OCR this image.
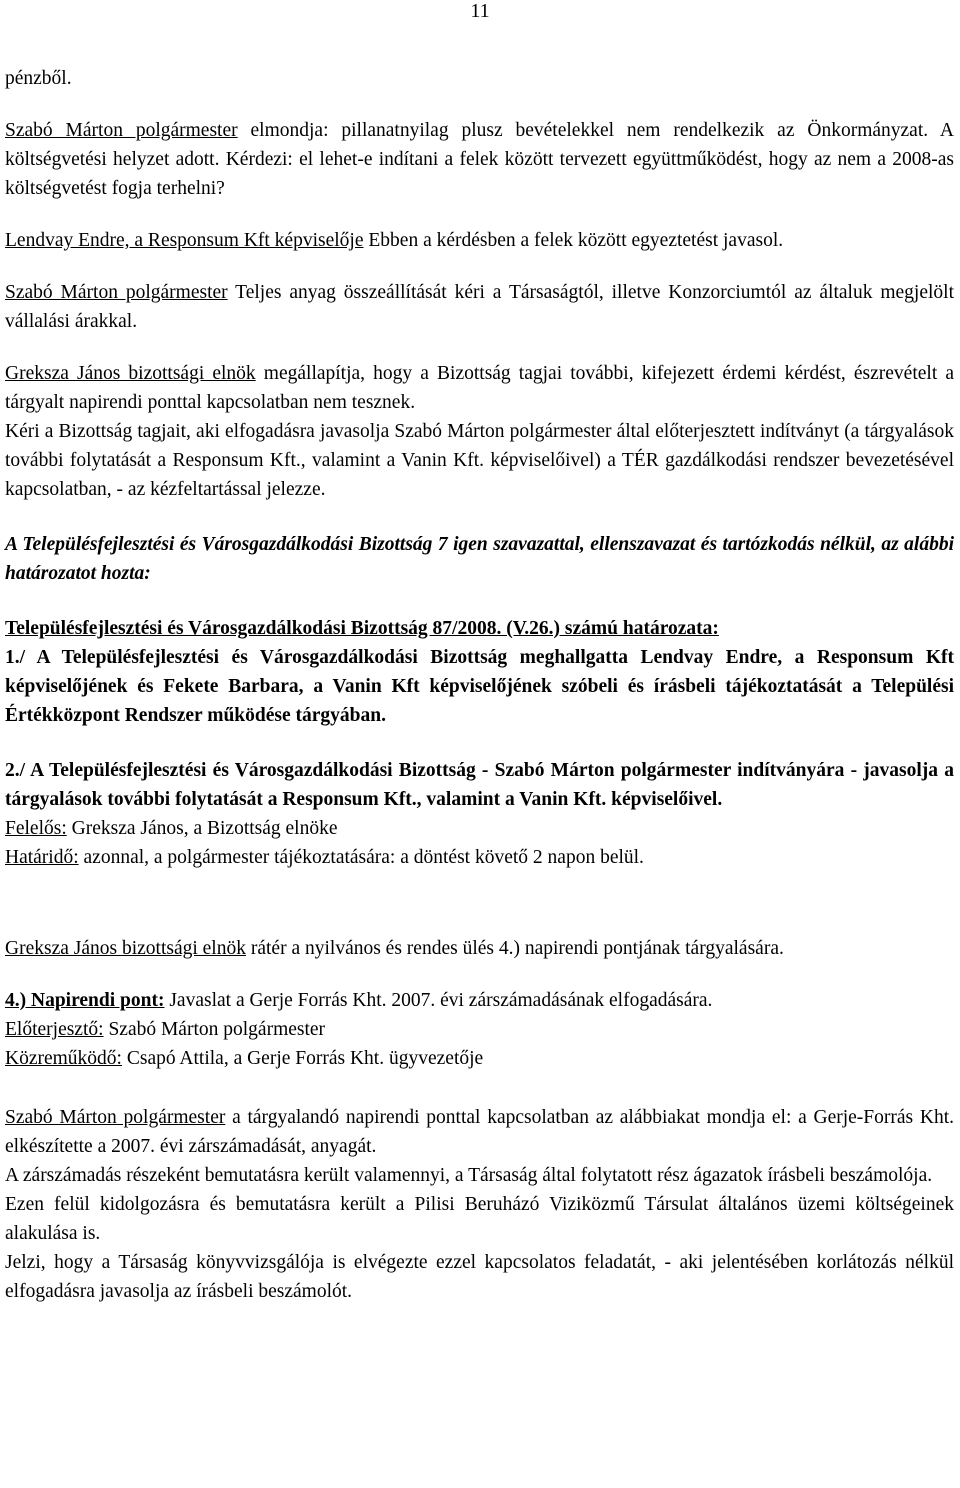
11

pénzből.

Szabó Márton polgármester elmondja: pillanatnyilag plusz bevételekkel nem rendelkezik az Önkormányzat. A költségvetési helyzet adott. Kérdezi: el lehet-e indítani a felek között tervezett együttműködést, hogy az nem a 2008-as költségvetést fogja terhelni?

Lendvay Endre, a Responsum Kft képviselője Ebben a kérdésben a felek között egyeztetést javasol.

Szabó Márton polgármester Teljes anyag összeállítását kéri a Társaságtól, illetve Konzorciumtól az általuk megjelölt vállalási árakkal.

Greksza János bizottsági elnök megállapítja, hogy a Bizottság tagjai további, kifejezett érdemi kérdést, észrevételt a tárgyalt napirendi ponttal kapcsolatban nem tesznek.

Kéri a Bizottság tagjait, aki elfogadásra javasolja Szabó Márton polgármester által előterjesztett indítványt (a tárgyalások további folytatását a Responsum Kft., valamint a Vanin Kft. képviselőivel) a TÉR gazdálkodási rendszer bevezetésével kapcsolatban, - az kézfeltartással jelezze.

A Településfejlesztési és Városgazdálkodási Bizottság 7 igen szavazattal, ellenszavazat és tartózkodás nélkül, az alábbi határozatot hozta:

Településfejlesztési és Városgazdálkodási Bizottság 87/2008. (V.26.) számú határozata:

1./ A Településfejlesztési és Városgazdálkodási Bizottság meghallgatta Lendvay Endre, a Responsum Kft képviselőjének és Fekete Barbara, a Vanin Kft képviselőjének szóbeli és írásbeli tájékoztatását a Települési Értékközpont Rendszer működése tárgyában.

2./ A Településfejlesztési és Városgazdálkodási Bizottság - Szabó Márton polgármester indítványára - javasolja a tárgyalások további folytatását a Responsum Kft., valamint a Vanin Kft. képviselőivel.

Felelős: Greksza János, a Bizottság elnöke

Határidő: azonnal, a polgármester tájékoztatására: a döntést követő 2 napon belül.

Greksza János bizottsági elnök rátér a nyilvános és rendes ülés 4.) napirendi pontjának tárgyalására.

4.) Napirendi pont: Javaslat a Gerje Forrás Kht. 2007. évi zárszámadásának elfogadására.

Előterjesztő: Szabó Márton polgármester

Közreműködő: Csapó Attila, a Gerje Forrás Kht. ügyvezetője

Szabó Márton polgármester a tárgyalandó napirendi ponttal kapcsolatban az alábbiakat mondja el: a Gerje-Forrás Kht. elkészítette a 2007. évi zárszámadását, anyagát.

A zárszámadás részeként bemutatásra került valamennyi, a Társaság által folytatott rész ágazatok írásbeli beszámolója.

Ezen felül kidolgozásra és bemutatásra került a Pilisi Beruházó Viziközmű Társulat általános üzemi költségeinek alakulása is.

Jelzi, hogy a Társaság könyvvizsgálója is elvégezte ezzel kapcsolatos feladatát, - aki jelentésében korlátozás nélkül elfogadásra javasolja az írásbeli beszámolót.
